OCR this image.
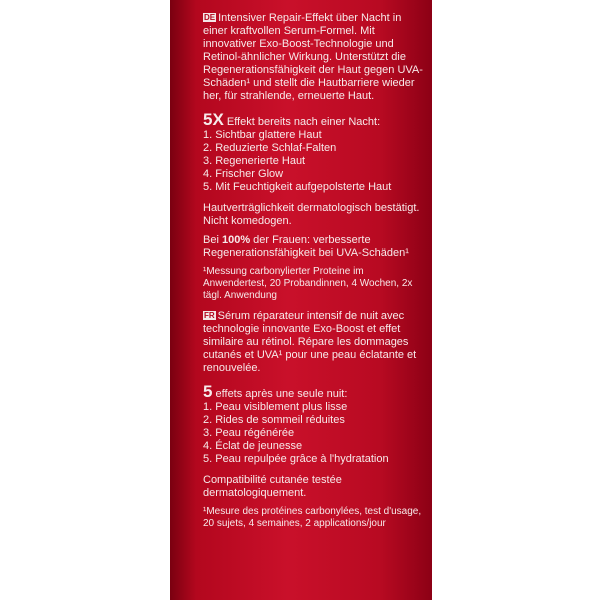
DE Intensiver Repair-Effekt über Nacht in einer kraftvollen Serum-Formel. Mit innovativer Exo-Boost-Technologie und Retinol-ähnlicher Wirkung. Unterstützt die Regenerationsfähigkeit der Haut gegen UVA-Schäden¹ und stellt die Hautbarriere wieder her, für strahlende, erneuerte Haut.

5X Effekt bereits nach einer Nacht:

1. Sichtbar glattere Haut
2. Reduzierte Schlaf-Falten
3. Regenerierte Haut
4. Frischer Glow
5. Mit Feuchtigkeit aufgepolsterte Haut

Hautverträglichkeit dermatologisch bestätigt. Nicht komedogen.

Bei 100% der Frauen: verbesserte Regenerationsfähigkeit bei UVA-Schäden¹

¹Messung carbonylierter Proteine im Anwendertest, 20 Probandinnen, 4 Wochen, 2x tägl. Anwendung

FR Sérum réparateur intensif de nuit avec technologie innovante Exo-Boost et effet similaire au rétinol. Répare les dommages cutanés et UVA¹ pour une peau éclatante et renouvelée.

5 effets après une seule nuit:

1. Peau visiblement plus lisse
2. Rides de sommeil réduites
3. Peau régénérée
4. Éclat de jeunesse
5. Peau repulpée grâce à l'hydratation

Compatibilité cutanée testée dermatologiquement.

¹Mesure des protéines carbonylées, test d'usage, 20 sujets, 4 semaines, 2 applications/jour
